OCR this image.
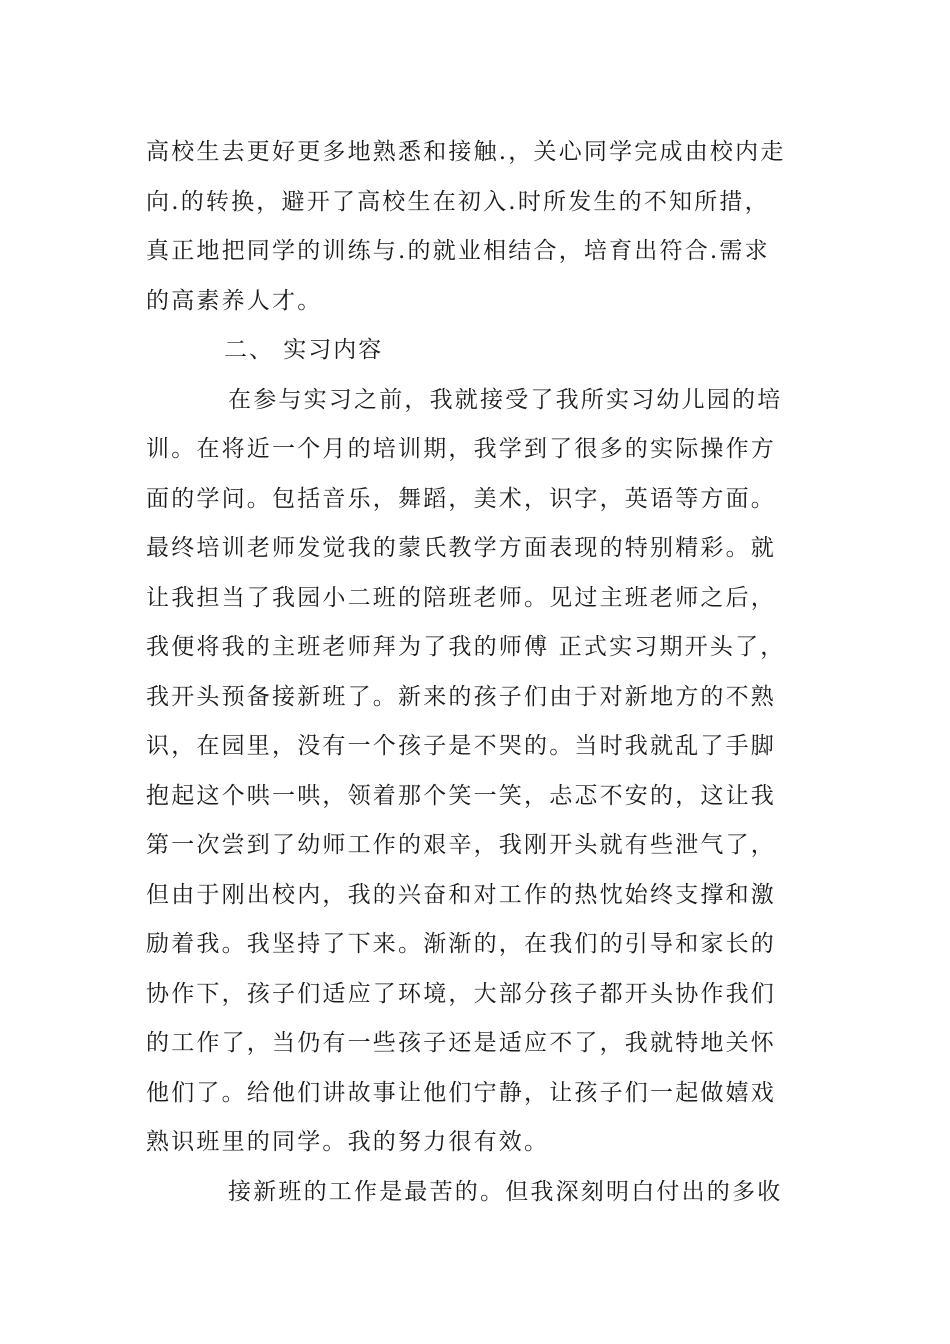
高校生去更好更多地熟悉和接触.，关心同学完成由校内走
向.的转换，避开了高校生在初入.时所发生的不知所措，
真正地把同学的训练与.的就业相结合，培育出符合.需求
的高素养人才。
二、 实习内容
在参与实习之前，我就接受了我所实习幼儿园的培
训。在将近一个月的培训期，我学到了很多的实际操作方
面的学问。包括音乐，舞蹈，美术，识字，英语等方面。
最终培训老师发觉我的蒙氏教学方面表现的特别精彩。就
让我担当了我园小二班的陪班老师。见过主班老师之后，
我便将我的主班老师拜为了我的师傅 正式实习期开头了，
我开头预备接新班了。新来的孩子们由于对新地方的不熟
识，在园里，没有一个孩子是不哭的。当时我就乱了手脚
抱起这个哄一哄，领着那个笑一笑，忐忑不安的，这让我
第一次尝到了幼师工作的艰辛，我刚开头就有些泄气了，
但由于刚出校内，我的兴奋和对工作的热忱始终支撑和激
励着我。我坚持了下来。渐渐的，在我们的引导和家长的
协作下，孩子们适应了环境，大部分孩子都开头协作我们
的工作了，当仍有一些孩子还是适应不了，我就特地关怀
他们了。给他们讲故事让他们宁静，让孩子们一起做嬉戏
熟识班里的同学。我的努力很有效。
接新班的工作是最苦的。但我深刻明白付出的多收
